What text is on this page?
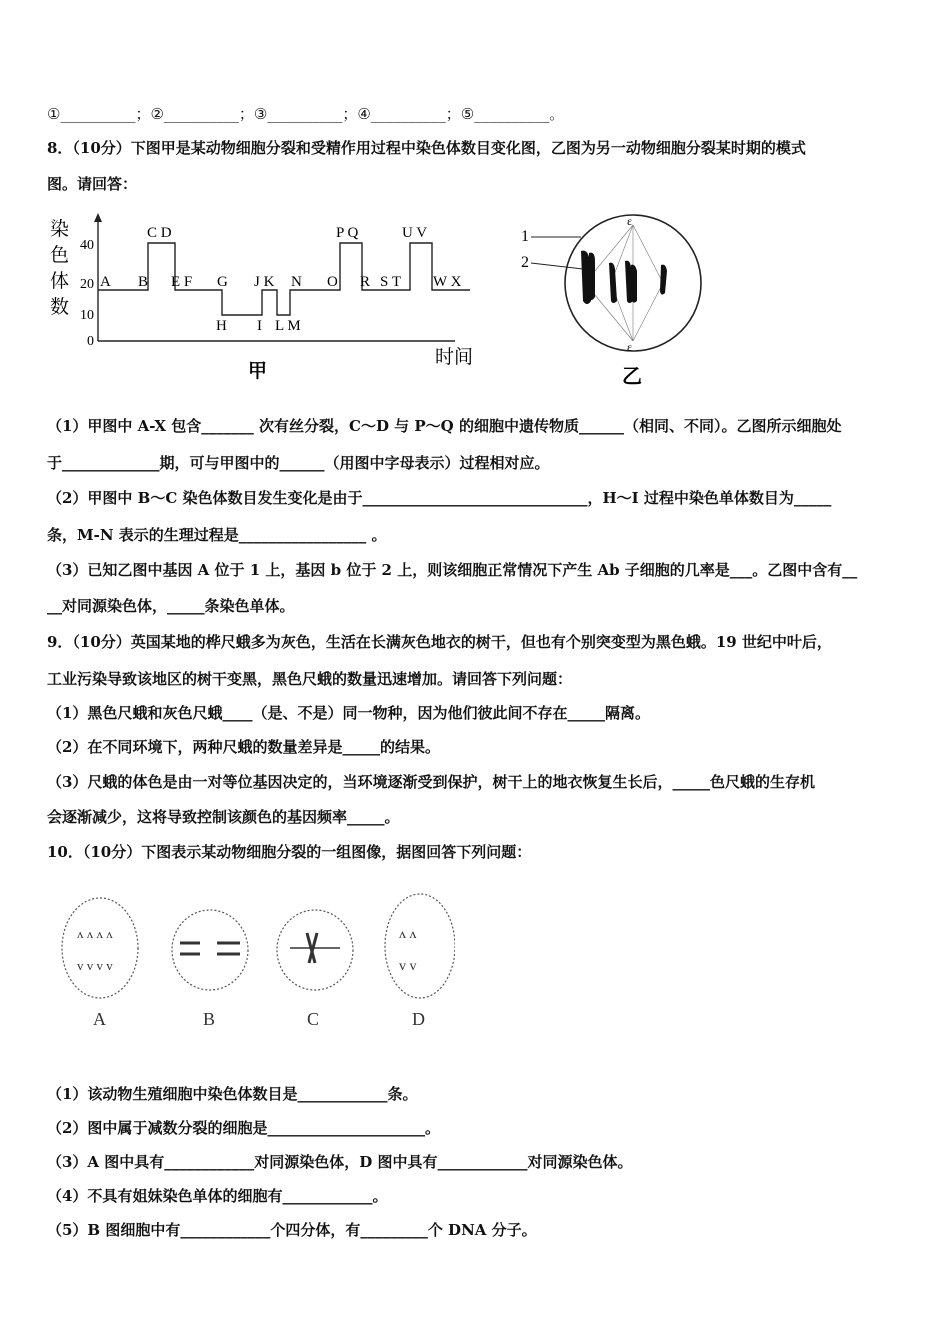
①__________；②__________；③__________；④__________；⑤__________。
8．（10分）下图甲是某动物细胞分裂和受精作用过程中染色体数目变化图，乙图为另一动物细胞分裂某时期的模式
图。请回答：
染
色
体
数
40
20
10
0
A B
C D
E F G
H I
J K
L M
N O
P Q
R S T
U V
W X
时间
甲
ε
ε
1
2
乙
（1）甲图中 A-X 包含_______ 次有丝分裂，C～D 与 P～Q 的细胞中遗传物质______（相同、不同）。乙图所示细胞处
于_____________期，可与甲图中的______（用图中字母表示）过程相对应。
（2）甲图中 B～C 染色体数目发生变化是由于______________________________，H～I 过程中染色单体数目为_____
条，M-N 表示的生理过程是_________________ 。
（3）已知乙图中基因 A 位于 1 上，基因 b 位于 2 上，则该细胞正常情况下产生 Ab 子细胞的几率是___。乙图中含有__
__对同源染色体，_____条染色单体。
9．（10分）英国某地的桦尺蛾多为灰色，生活在长满灰色地衣的树干，但也有个别突变型为黑色蛾。19 世纪中叶后，
工业污染导致该地区的树干变黑，黑色尺蛾的数量迅速增加。请回答下列问题：
（1）黑色尺蛾和灰色尺蛾____（是、不是）同一物种，因为他们彼此间不存在_____隔离。
（2）在不同环境下，两种尺蛾的数量差异是_____的结果。
（3）尺蛾的体色是由一对等位基因决定的，当环境逐渐受到保护，树干上的地衣恢复生长后，_____色尺蛾的生存机
会逐渐减少，这将导致控制该颜色的基因频率_____。
10．（10分）下图表示某动物细胞分裂的一组图像，据图回答下列问题：
ʌ ʌ ʌ ʌ
v v v v
ʌ ʌ
v v
A	B	C	D
（1）该动物生殖细胞中染色体数目是____________条。
（2）图中属于减数分裂的细胞是_____________________。
（3）A 图中具有____________对同源染色体，D 图中具有____________对同源染色体。
（4）不具有姐妹染色单体的细胞有____________。
（5）B 图细胞中有____________个四分体，有_________个 DNA 分子。
